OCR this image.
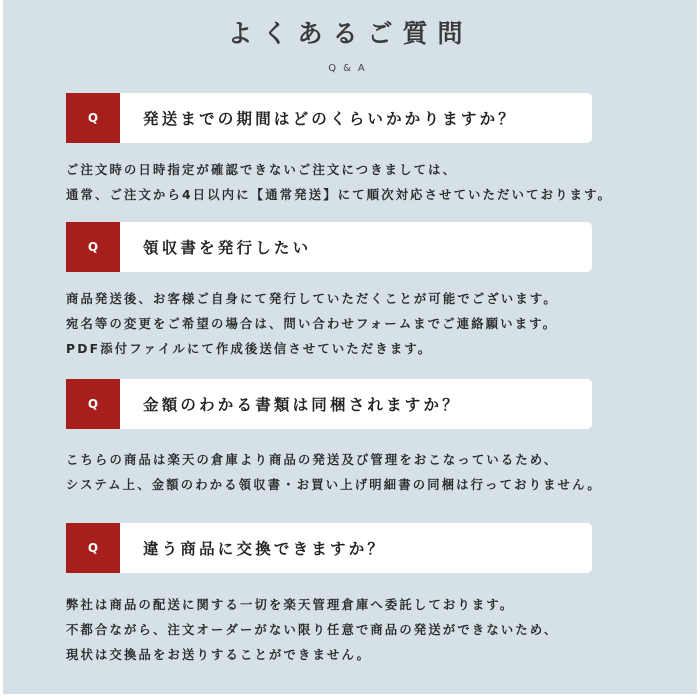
よくあるご質問
Q&A
Q	発送までの期間はどのくらいかかりますか？
ご注文時の日時指定が確認できないご注文につきましては、
通常、ご注文から4日以内に【通常発送】にて順次対応させていただいております。
Q	領収書を発行したい
商品発送後、お客様ご自身にて発行していただくことが可能でございます。
宛名等の変更をご希望の場合は、問い合わせフォームまでご連絡願います。
PDF添付ファイルにて作成後送信させていただきます。
Q	金額のわかる書類は同梱されますか？
こちらの商品は楽天の倉庫より商品の発送及び管理をおこなっているため、
システム上、金額のわかる領収書・お買い上げ明細書の同梱は行っておりません。
Q	違う商品に交換できますか？
弊社は商品の配送に関する一切を楽天管理倉庫へ委託しております。
不都合ながら、注文オーダーがない限り任意で商品の発送ができないため、
現状は交換品をお送りすることができません。
